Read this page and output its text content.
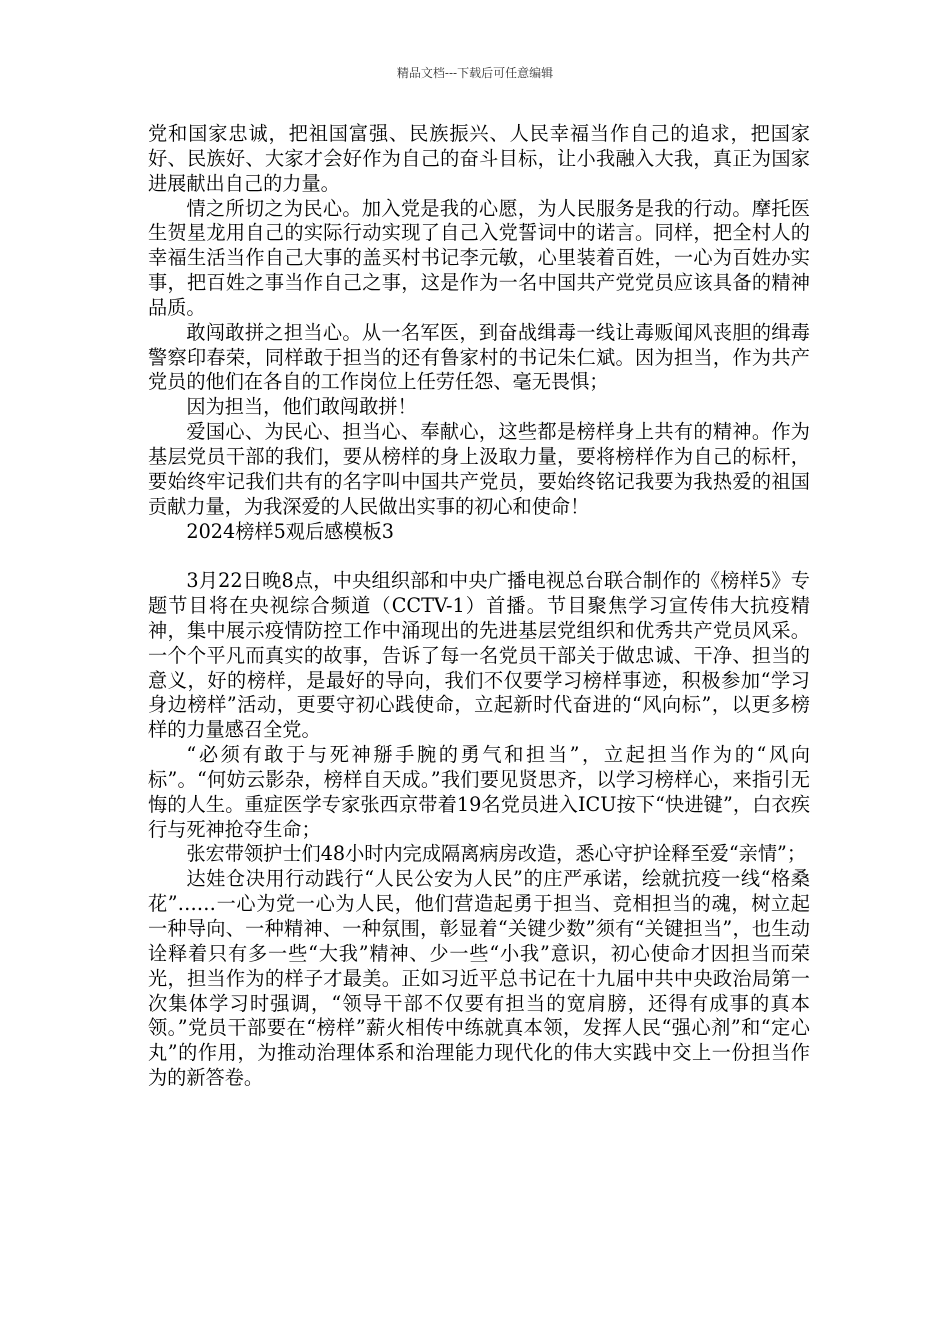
精品文档---下载后可任意编辑

党和国家忠诚，把祖国富强、民族振兴、人民幸福当作自己的追求，把国家好、民族好、大家才会好作为自己的奋斗目标，让小我融入大我，真正为国家进展献出自己的力量。

情之所切之为民心。加入党是我的心愿，为人民服务是我的行动。摩托医生贺星龙用自己的实际行动实现了自己入党誓词中的诺言。同样，把全村人的幸福生活当作自己大事的盖买村书记李元敏，心里装着百姓，一心为百姓办实事，把百姓之事当作自己之事，这是作为一名中国共产党党员应该具备的精神品质。

敢闯敢拼之担当心。从一名军医，到奋战缉毒一线让毒贩闻风丧胆的缉毒警察印春荣，同样敢于担当的还有鲁家村的书记朱仁斌。因为担当，作为共产党员的他们在各自的工作岗位上任劳任怨、毫无畏惧；

因为担当，他们敢闯敢拼！

爱国心、为民心、担当心、奉献心，这些都是榜样身上共有的精神。作为基层党员干部的我们，要从榜样的身上汲取力量，要将榜样作为自己的标杆，要始终牢记我们共有的名字叫中国共产党员，要始终铭记我要为我热爱的祖国贡献力量，为我深爱的人民做出实事的初心和使命！

2024榜样5观后感模板3

3月22日晚8点，中央组织部和中央广播电视总台联合制作的《榜样5》专题节目将在央视综合频道（CCTV-1）首播。节目聚焦学习宣传伟大抗疫精神，集中展示疫情防控工作中涌现出的先进基层党组织和优秀共产党员风采。一个个平凡而真实的故事，告诉了每一名党员干部关于做忠诚、干净、担当的意义，好的榜样，是最好的导向，我们不仅要学习榜样事迹，积极参加“学习身边榜样”活动，更要守初心践使命，立起新时代奋进的“风向标”，以更多榜样的力量感召全党。

“必须有敢于与死神掰手腕的勇气和担当”，立起担当作为的“风向标”。“何妨云影杂，榜样自天成。”我们要见贤思齐，以学习榜样心，来指引无悔的人生。重症医学专家张西京带着19名党员进入ICU按下“快进键”，白衣疾行与死神抢夺生命；

张宏带领护士们48小时内完成隔离病房改造，悉心守护诠释至爱“亲情”；

达娃仓决用行动践行“人民公安为人民”的庄严承诺，绘就抗疫一线“格桑花”……一心为党一心为人民，他们营造起勇于担当、竞相担当的魂，树立起一种导向、一种精神、一种氛围，彰显着“关键少数”须有“关键担当”，也生动诠释着只有多一些“大我”精神、少一些“小我”意识，初心使命才因担当而荣光，担当作为的样子才最美。正如习近平总书记在十九届中共中央政治局第一次集体学习时强调，“领导干部不仅要有担当的宽肩膀，还得有成事的真本领。”党员干部要在“榜样”薪火相传中练就真本领，发挥人民“强心剂”和“定心丸”的作用，为推动治理体系和治理能力现代化的伟大实践中交上一份担当作为的新答卷。
